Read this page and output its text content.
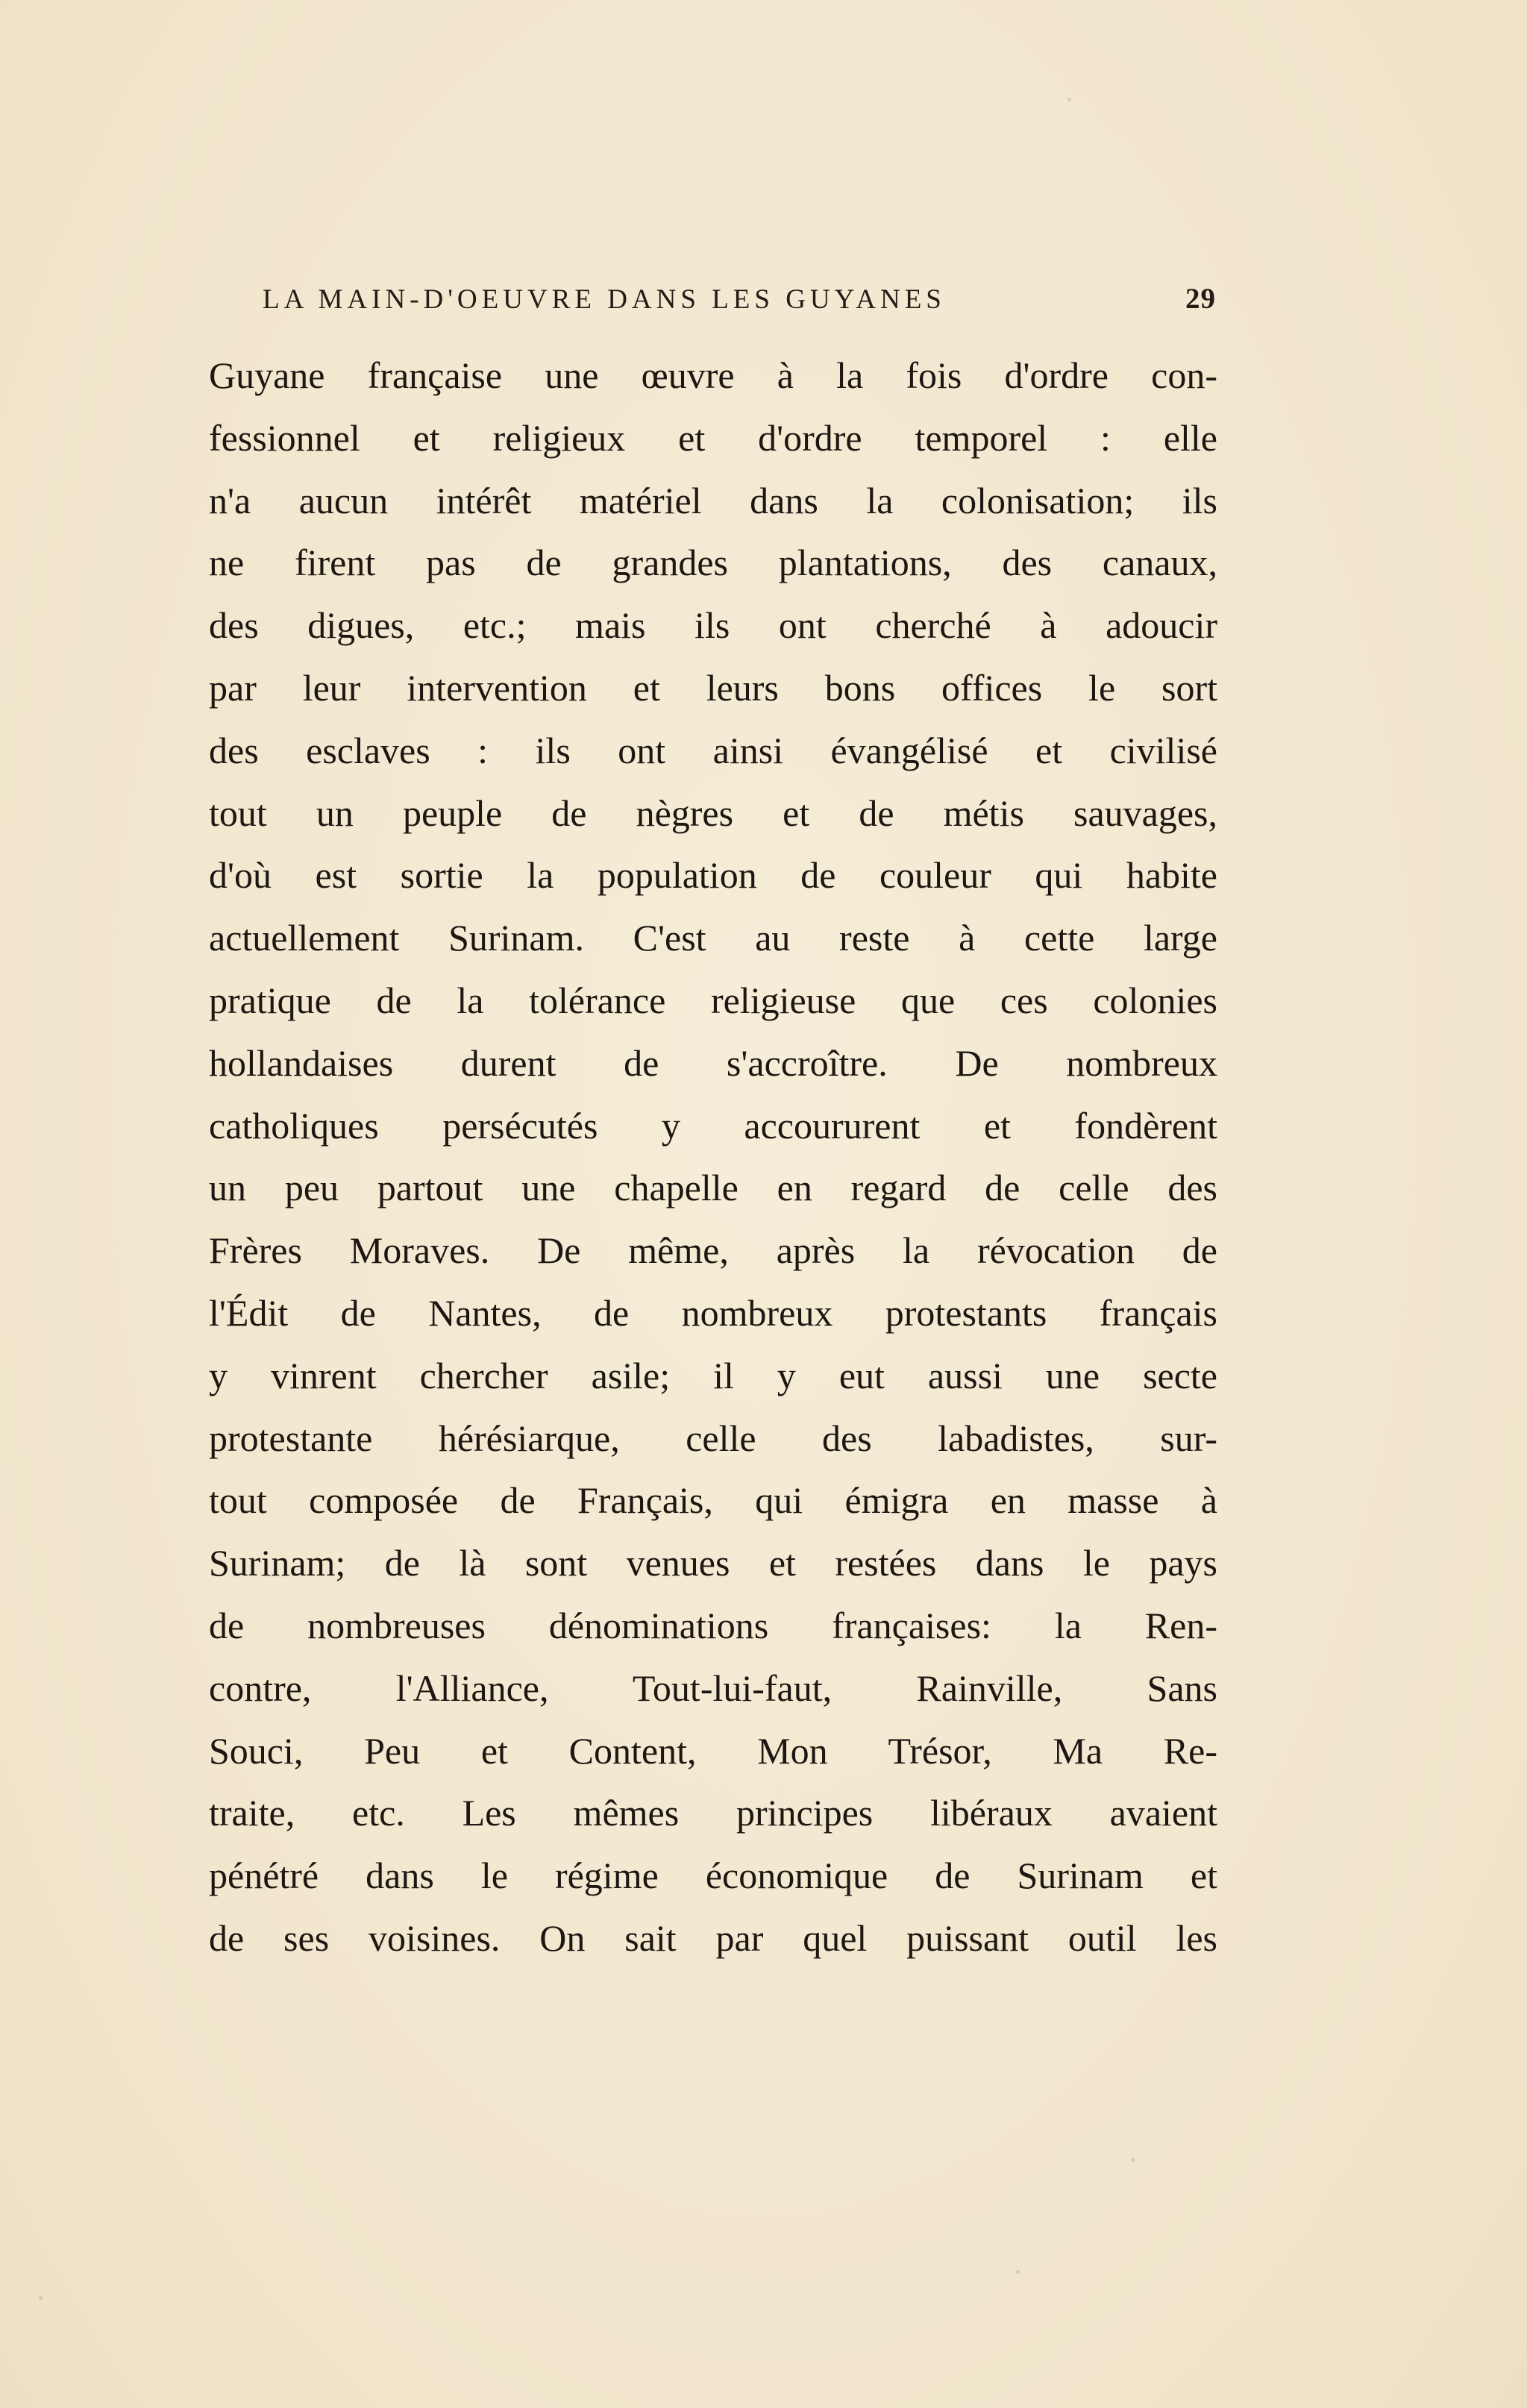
LA MAIN-D'OEUVRE DANS LES GUYANES	29
Guyane française une œuvre à la fois d'ordre con-
fessionnel et religieux et d'ordre temporel : elle
n'a aucun intérêt matériel dans la colonisation; ils
ne firent pas de grandes plantations, des canaux,
des digues, etc.; mais ils ont cherché à adoucir
par leur intervention et leurs bons offices le sort
des esclaves : ils ont ainsi évangélisé et civilisé
tout un peuple de nègres et de métis sauvages,
d'où est sortie la population de couleur qui habite
actuellement Surinam. C'est au reste à cette large
pratique de la tolérance religieuse que ces colonies
hollandaises durent de s'accroître. De nombreux
catholiques persécutés y accoururent et fondèrent
un peu partout une chapelle en regard de celle des
Frères Moraves. De même, après la révocation de
l'Édit de Nantes, de nombreux protestants français
y vinrent chercher asile; il y eut aussi une secte
protestante hérésiarque, celle des labadistes, sur-
tout composée de Français, qui émigra en masse à
Surinam; de là sont venues et restées dans le pays
de nombreuses dénominations françaises: la Ren-
contre, l'Alliance, Tout-lui-faut, Rainville, Sans
Souci, Peu et Content, Mon Trésor, Ma Re-
traite, etc. Les mêmes principes libéraux avaient
pénétré dans le régime économique de Surinam et
de ses voisines. On sait par quel puissant outil les
